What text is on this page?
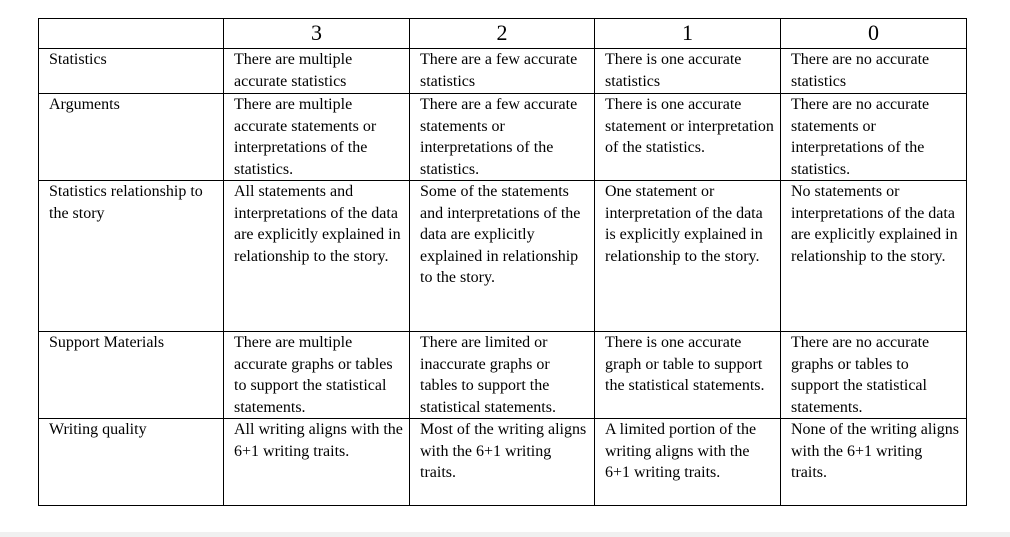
	3	2	1	0
Statistics	There are multiple accurate statistics	There are a few accurate statistics	There is one accurate statistics	There are no accurate statistics
Arguments	There are multiple accurate statements or interpretations of the statistics.	There are a few accurate statements or interpretations of the statistics.	There is one accurate statement or interpretation of the statistics.	There are no accurate statements or interpretations of the statistics.
Statistics relationship to the story	All statements and interpretations of the data are explicitly explained in relationship to the story.	Some of the statements and interpretations of the data are explicitly explained in relationship to the story.	One statement or interpretation of the data is explicitly explained in relationship to the story.	No statements or interpretations of the data are explicitly explained in relationship to the story.
Support Materials	There are multiple accurate graphs or tables to support the statistical statements.	There are limited or inaccurate graphs or tables to support the statistical statements.	There is one accurate graph or table to support the statistical statements.	There are no accurate graphs or tables to support the statistical statements.
Writing quality	All writing aligns with the 6+1 writing traits.	Most of the writing aligns with the 6+1 writing traits.	A limited portion of the writing aligns with the 6+1 writing traits.	None of the writing aligns with the 6+1 writing traits.
